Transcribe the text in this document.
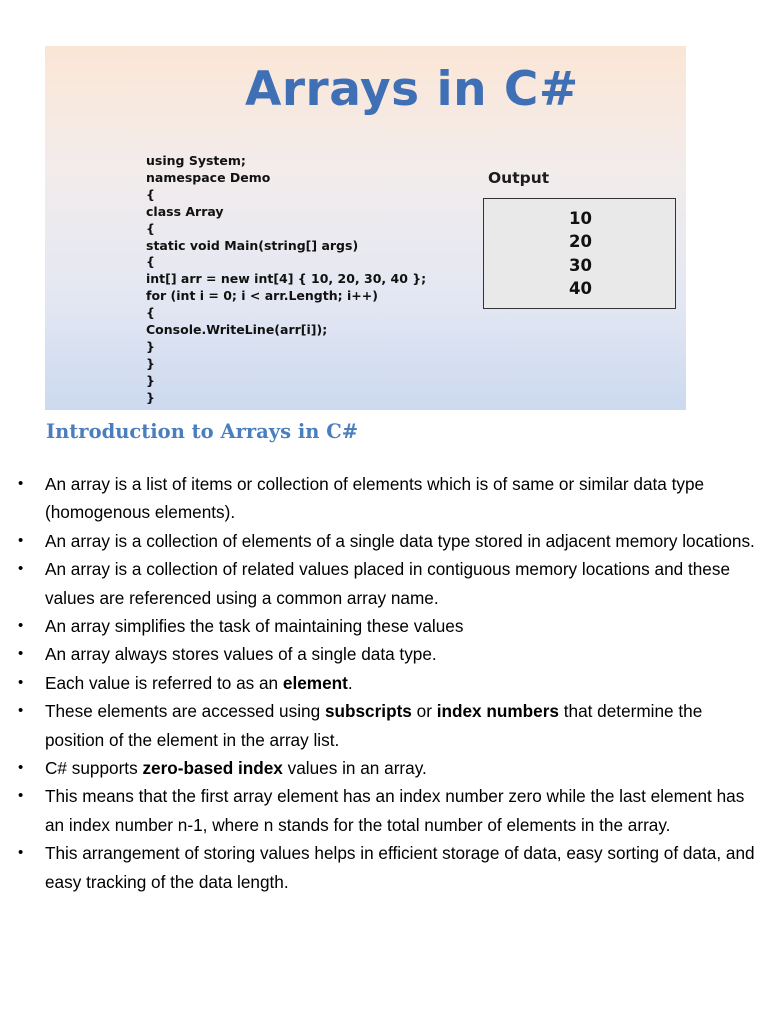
Arrays in C#
using System;
namespace Demo
{
class Array
{
static void Main(string[] args)
{
int[] arr = new int[4] { 10, 20, 30, 40 };
for (int i = 0; i < arr.Length; i++)
{
Console.WriteLine(arr[i]);
}
}
}
}
Output
10
20
30
40
Introduction to Arrays in C#
• An array is a list of items or collection of elements which is of same or similar data type (homogenous elements).
• An array is a collection of elements of a single data type stored in adjacent memory locations.
• An array is a collection of related values placed in contiguous memory locations and these values are referenced using a common array name.
• An array simplifies the task of maintaining these values
• An array always stores values of a single data type.
• Each value is referred to as an element.
• These elements are accessed using subscripts or index numbers that determine the position of the element in the array list.
• C# supports zero-based index values in an array.
• This means that the first array element has an index number zero while the last element has an index number n-1, where n stands for the total number of elements in the array.
• This arrangement of storing values helps in efficient storage of data, easy sorting of data, and easy tracking of the data length.
